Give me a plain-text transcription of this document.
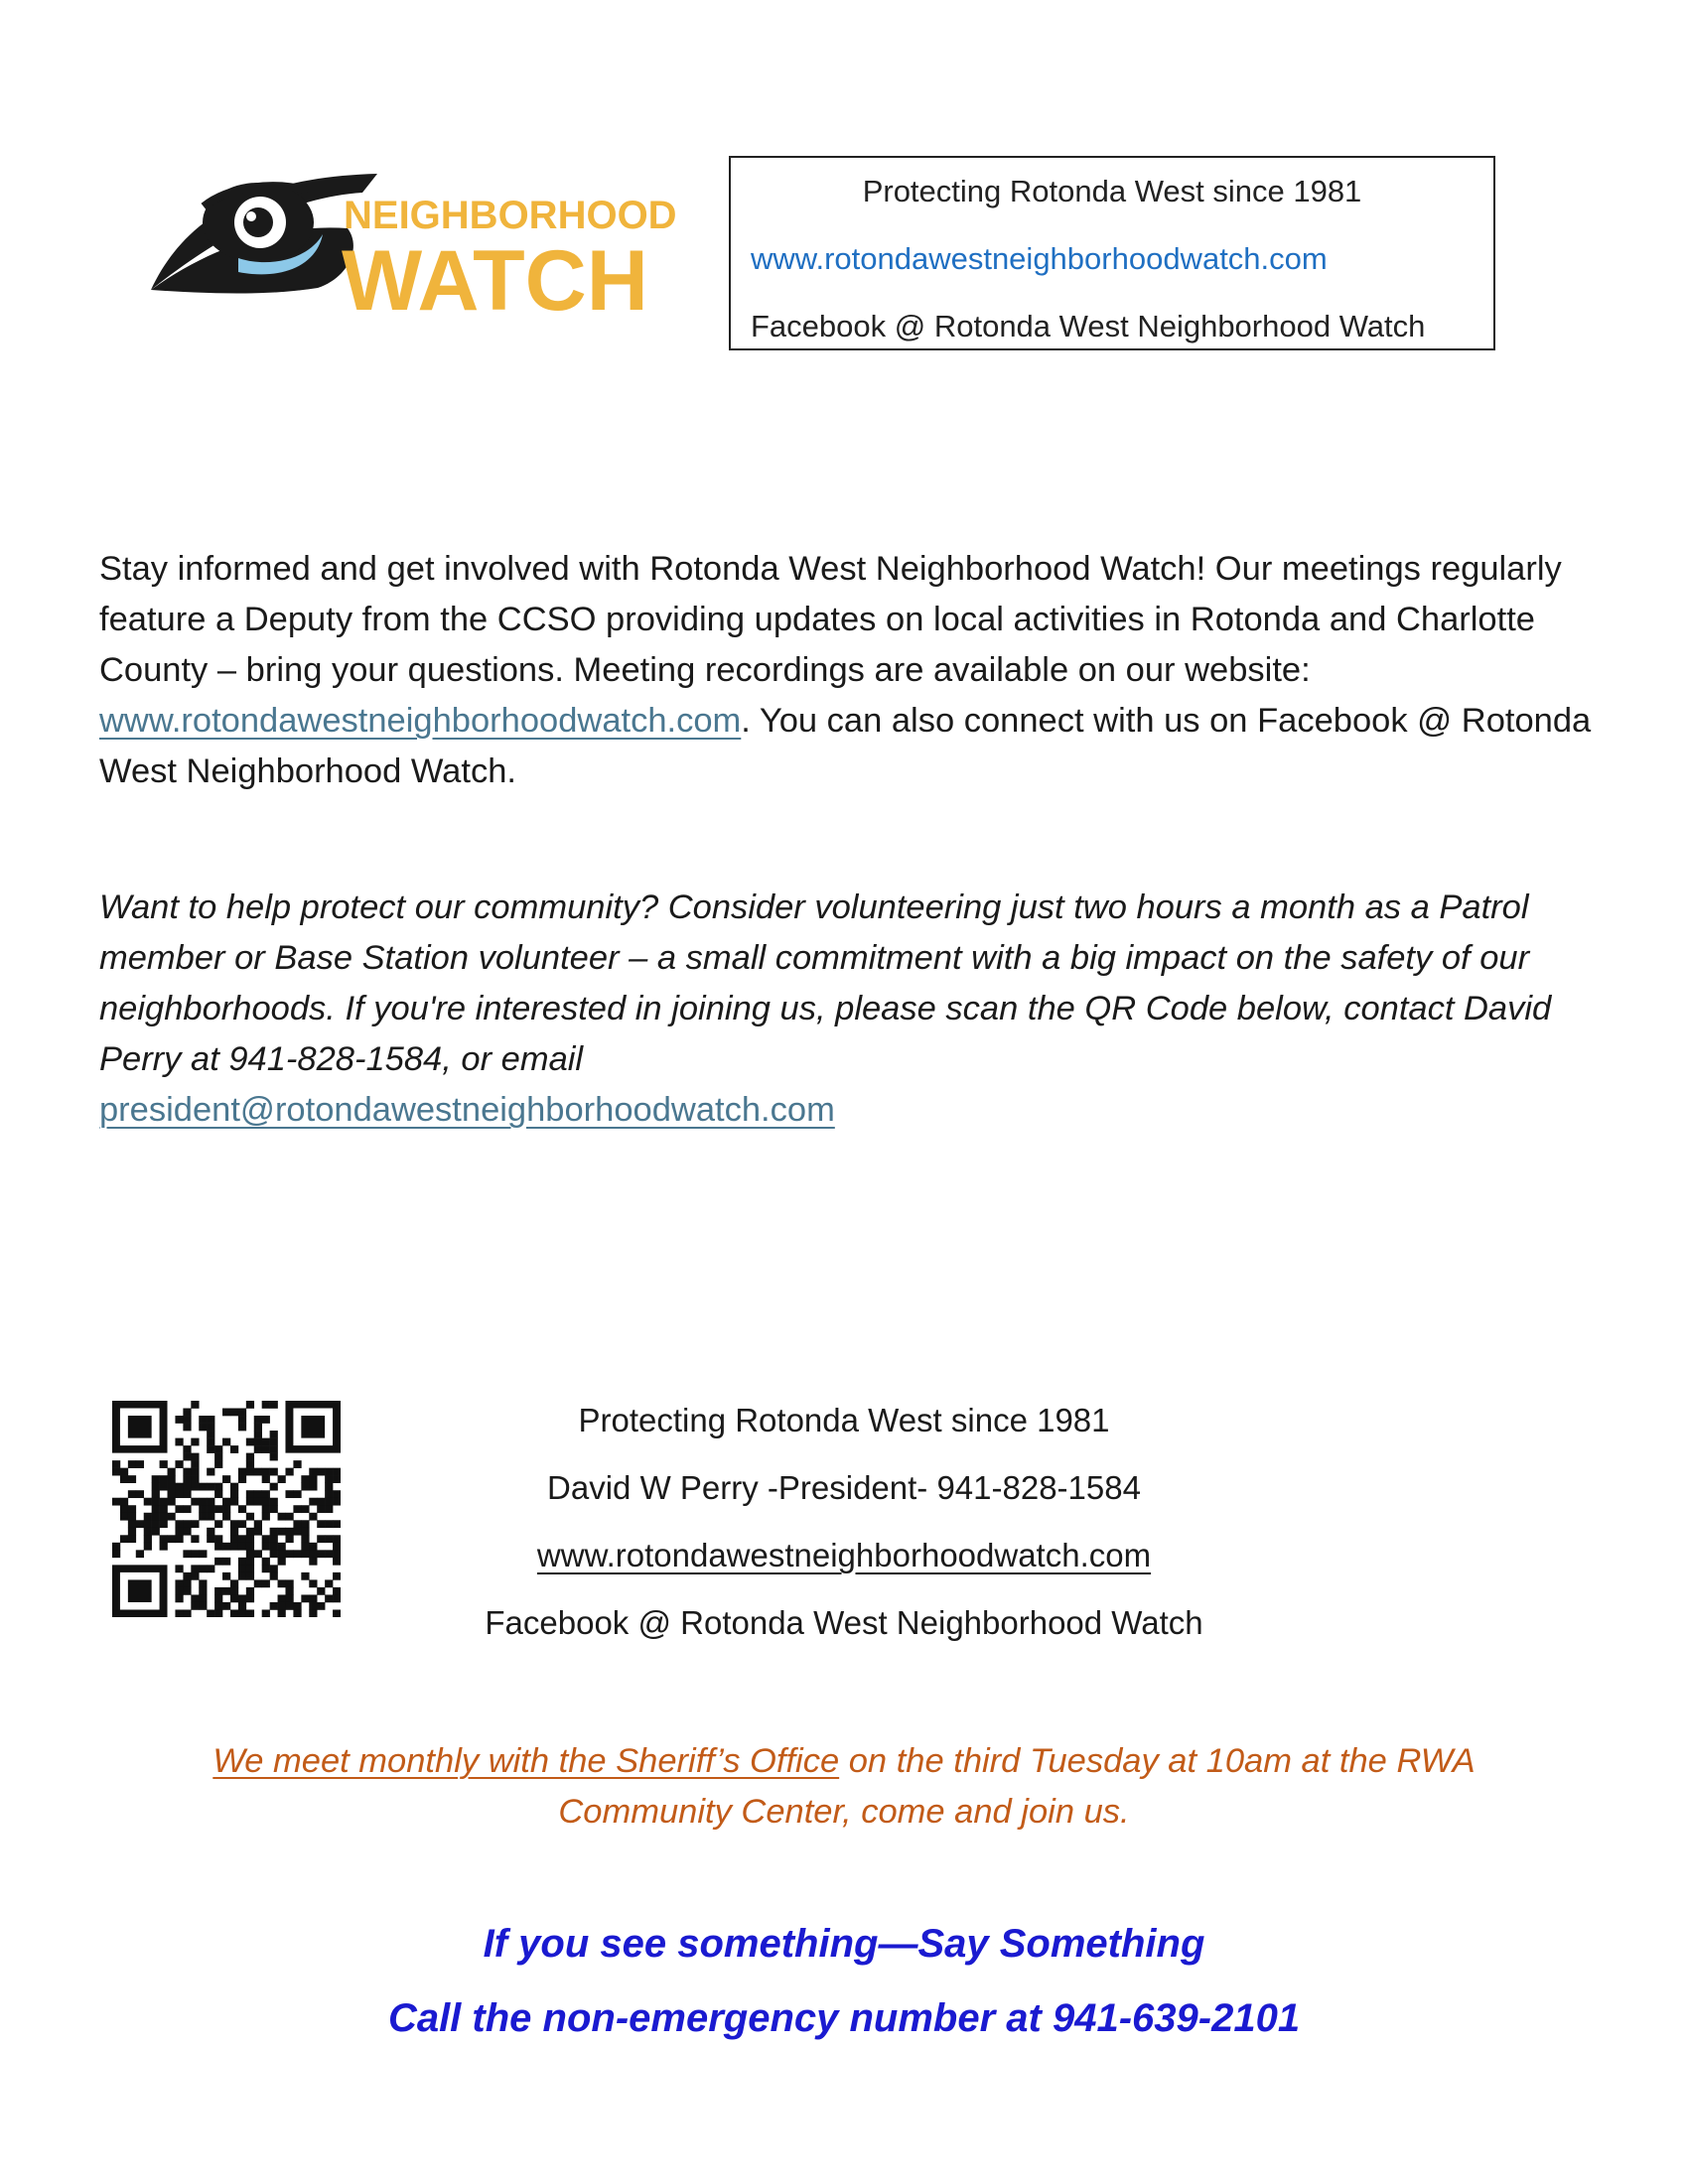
NEIGHBORHOOD
WATCH
Protecting Rotonda West since 1981
www.rotondawestneighborhoodwatch.com
Facebook @ Rotonda West Neighborhood Watch
Stay informed and get involved with Rotonda West Neighborhood Watch! Our meetings regularly feature a Deputy from the CCSO providing updates on local activities in Rotonda and Charlotte County – bring your questions. Meeting recordings are available on our website: www.rotondawestneighborhoodwatch.com. You can also connect with us on Facebook @ Rotonda West Neighborhood Watch.
Want to help protect our community? Consider volunteering just two hours a month as a Patrol member or Base Station volunteer – a small commitment with a big impact on the safety of our neighborhoods. If you're interested in joining us, please scan the QR Code below, contact David Perry at 941-828-1584, or email
president@rotondawestneighborhoodwatch.com
Protecting Rotonda West since 1981
David W Perry -President- 941-828-1584
www.rotondawestneighborhoodwatch.com
Facebook @ Rotonda West Neighborhood Watch
We meet monthly with the Sheriff’s Office on the third Tuesday at 10am at the RWA Community Center, come and join us.
If you see something—Say Something
Call the non-emergency number at 941-639-2101
